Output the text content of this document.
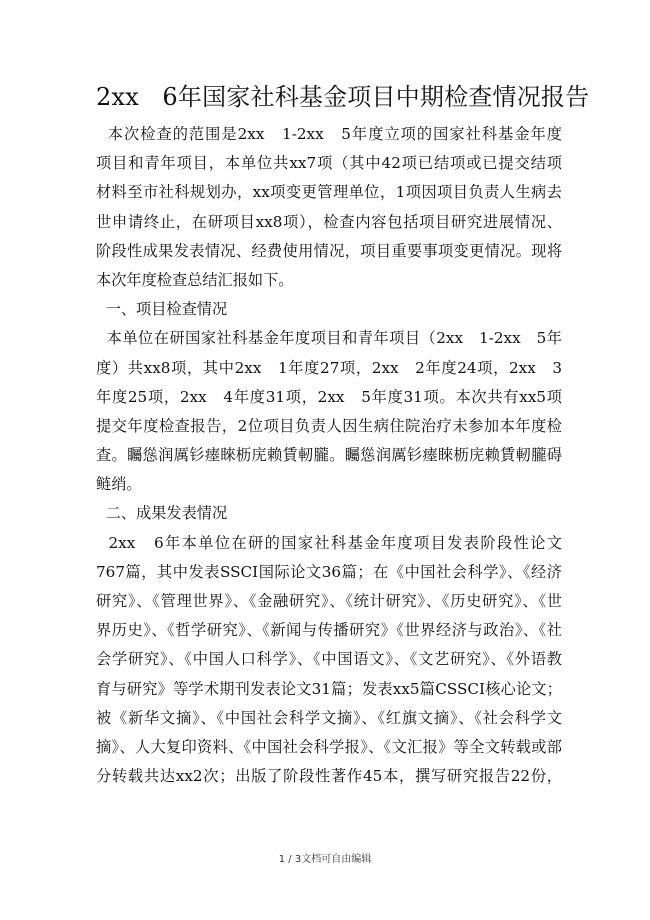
2xx   6年国家社科基金项目中期检查情况报告
本次检查的范围是2xx   1-2xx   5年度立项的国家社科基金年度
项目和青年项目，本单位共xx7项（其中42项已结项或已提交结项
材料至市社科规划办，xx项变更管理单位，1项因项目负责人生病去
世申请终止，在研项目xx8项），检查内容包括项目研究进展情况、
阶段性成果发表情况、经费使用情况，项目重要事项变更情况。现将
本次年度检查总结汇报如下。
一、项目检查情况
本单位在研国家社科基金年度项目和青年项目（2xx   1-2xx   5年
度）共xx8项，其中2xx   1年度27项，2xx   2年度24项，2xx   3
年度25项，2xx   4年度31项，2xx   5年度31项。本次共有xx5项
提交年度检查报告，2位项目负责人因生病住院治疗未参加本年度检
查。矚慫润厲钐瘗睞枥庑赖賃軔朧。矚慫润厲钐瘗睞枥庑赖賃軔朧碍
鲢绡。
二、成果发表情况
2xx   6年本单位在研的国家社科基金年度项目发表阶段性论文
767篇，其中发表SSCI国际论文36篇；在《中国社会科学》、《经济
研究》、《管理世界》、《金融研究》、《统计研究》、《历史研究》、《世
界历史》、《哲学研究》、《新闻与传播研究》《世界经济与政治》、《社
会学研究》、《中国人口科学》、《中国语文》、《文艺研究》、《外语教
育与研究》等学术期刊发表论文31篇；发表xx5篇CSSCI核心论文；
被《新华文摘》、《中国社会科学文摘》、《红旗文摘》、《社会科学文
摘》、人大复印资料、《中国社会科学报》、《文汇报》等全文转载或部
分转载共达xx2次；出版了阶段性著作45本，撰写研究报告22份，
1 / 3文档可自由编辑
